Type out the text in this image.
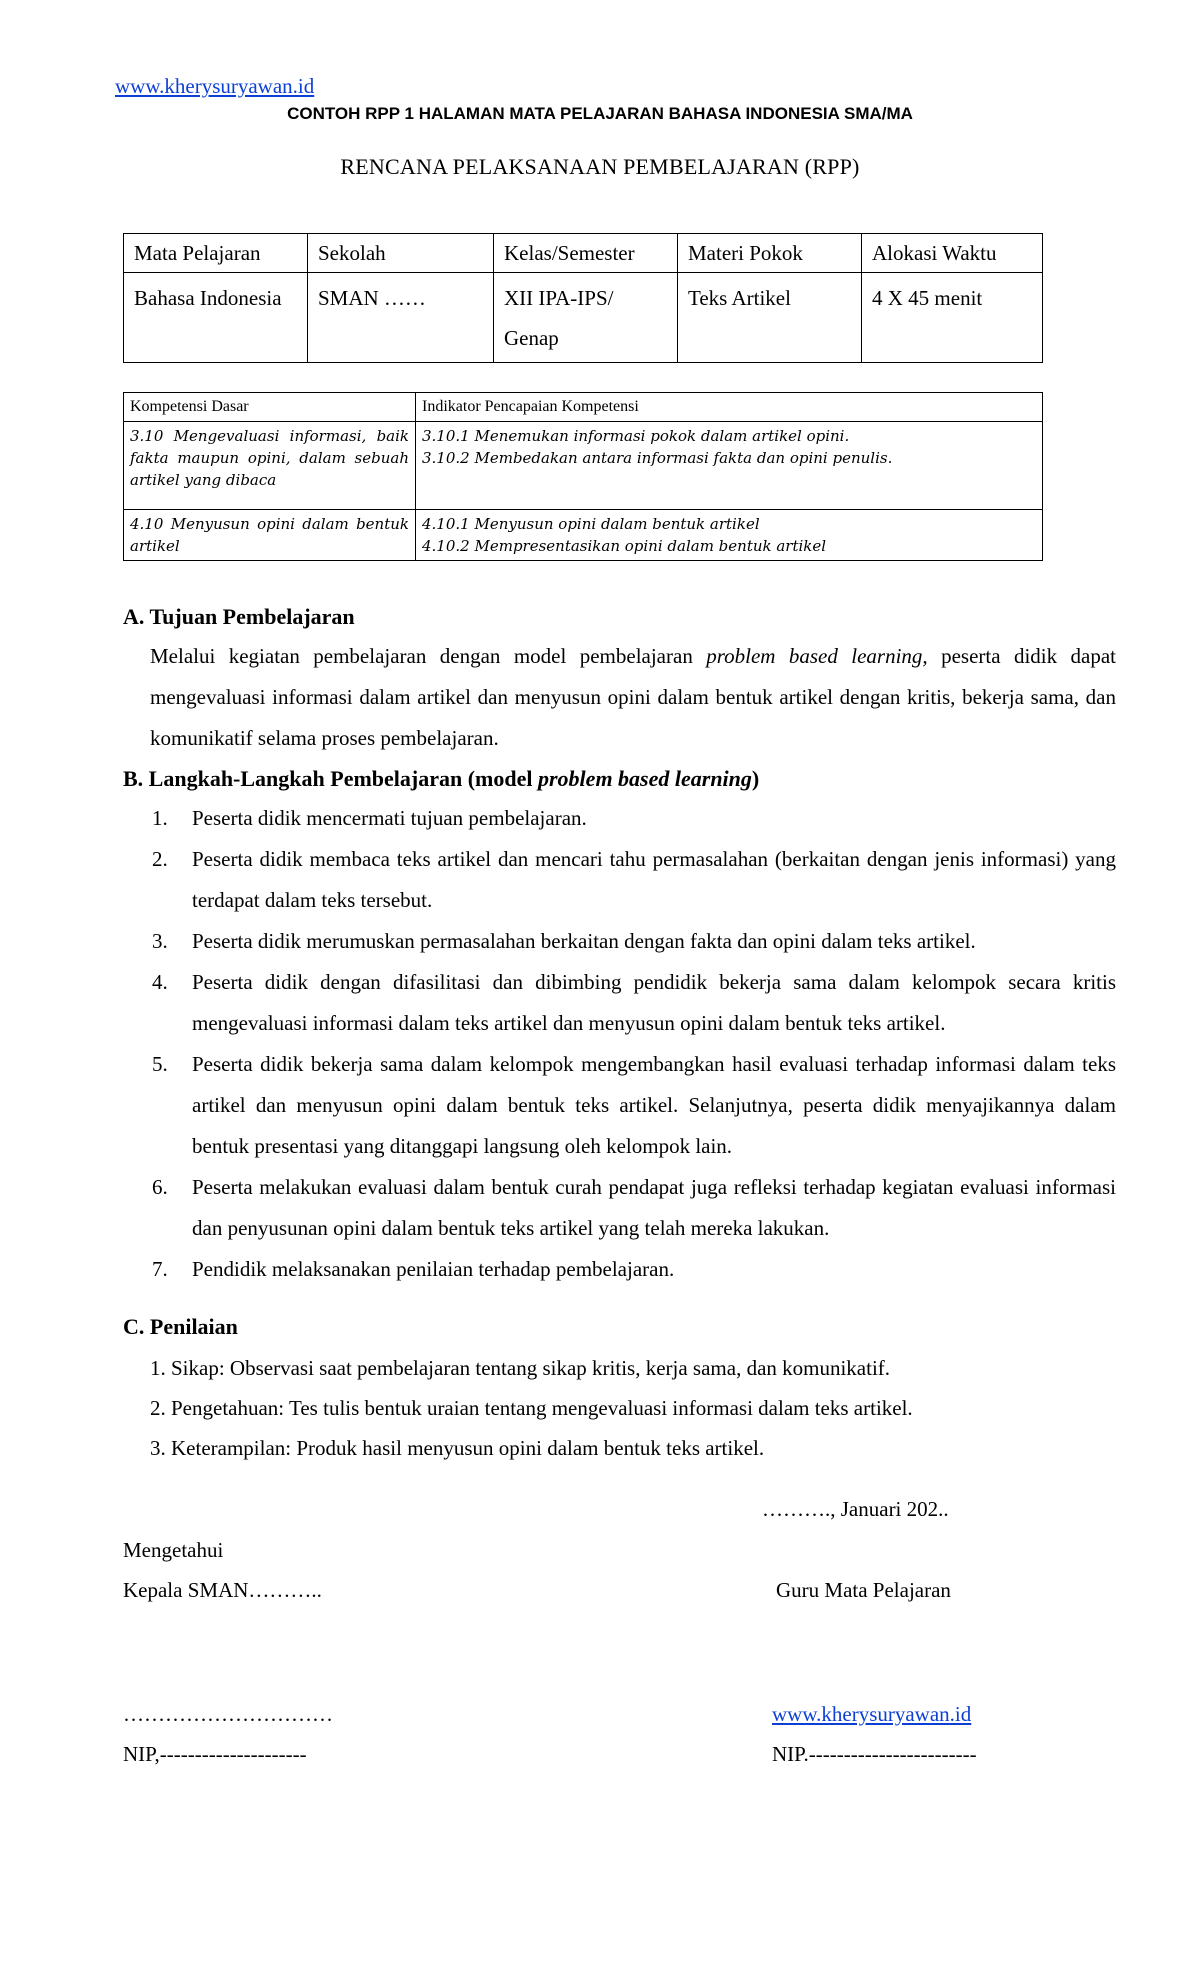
www.kherysuryawan.id
CONTOH RPP 1 HALAMAN MATA PELAJARAN BAHASA INDONESIA SMA/MA
RENCANA PELAKSANAAN PEMBELAJARAN (RPP)
Mata Pelajaran	Sekolah	Kelas/Semester	Materi Pokok	Alokasi Waktu
Bahasa Indonesia	SMAN ……	XII IPA-IPS/ Genap	Teks Artikel	4 X 45 menit
Kompetensi Dasar	Indikator Pencapaian Kompetensi
3.10 Mengevaluasi informasi, baik fakta maupun opini, dalam sebuah artikel yang dibaca	3.10.1 Menemukan informasi pokok dalam artikel opini.
3.10.2 Membedakan antara informasi fakta dan opini penulis.

4.10 Menyusun opini dalam bentuk artikel	4.10.1 Menyusun opini dalam bentuk artikel
4.10.2 Mempresentasikan opini dalam bentuk artikel
A. Tujuan Pembelajaran
Melalui kegiatan pembelajaran dengan model pembelajaran problem based learning, peserta didik dapat mengevaluasi informasi dalam artikel dan menyusun opini dalam bentuk artikel dengan kritis, bekerja sama, dan komunikatif selama proses pembelajaran.
B. Langkah-Langkah Pembelajaran (model problem based learning)
1. Peserta didik mencermati tujuan pembelajaran.
2. Peserta didik membaca teks artikel dan mencari tahu permasalahan (berkaitan dengan jenis informasi) yang terdapat dalam teks tersebut.
3. Peserta didik merumuskan permasalahan berkaitan dengan fakta dan opini dalam teks artikel.
4. Peserta didik dengan difasilitasi dan dibimbing pendidik bekerja sama dalam kelompok secara kritis mengevaluasi informasi dalam teks artikel dan menyusun opini dalam bentuk teks artikel.
5. Peserta didik bekerja sama dalam kelompok mengembangkan hasil evaluasi terhadap informasi dalam teks artikel dan menyusun opini dalam bentuk teks artikel. Selanjutnya, peserta didik menyajikannya dalam bentuk presentasi yang ditanggapi langsung oleh kelompok lain.
6. Peserta melakukan evaluasi dalam bentuk curah pendapat juga refleksi terhadap kegiatan evaluasi informasi dan penyusunan opini dalam bentuk teks artikel yang telah mereka lakukan.
7. Pendidik melaksanakan penilaian terhadap pembelajaran.
C. Penilaian
1. Sikap: Observasi saat pembelajaran tentang sikap kritis, kerja sama, dan komunikatif.
2. Pengetahuan: Tes tulis bentuk uraian tentang mengevaluasi informasi dalam teks artikel.
3. Keterampilan: Produk hasil menyusun opini dalam bentuk teks artikel.
………., Januari 202..
Mengetahui
Kepala SMAN………..	Guru Mata Pelajaran
…………………………	www.kherysuryawan.id
NIP,---------------------	NIP.------------------------
